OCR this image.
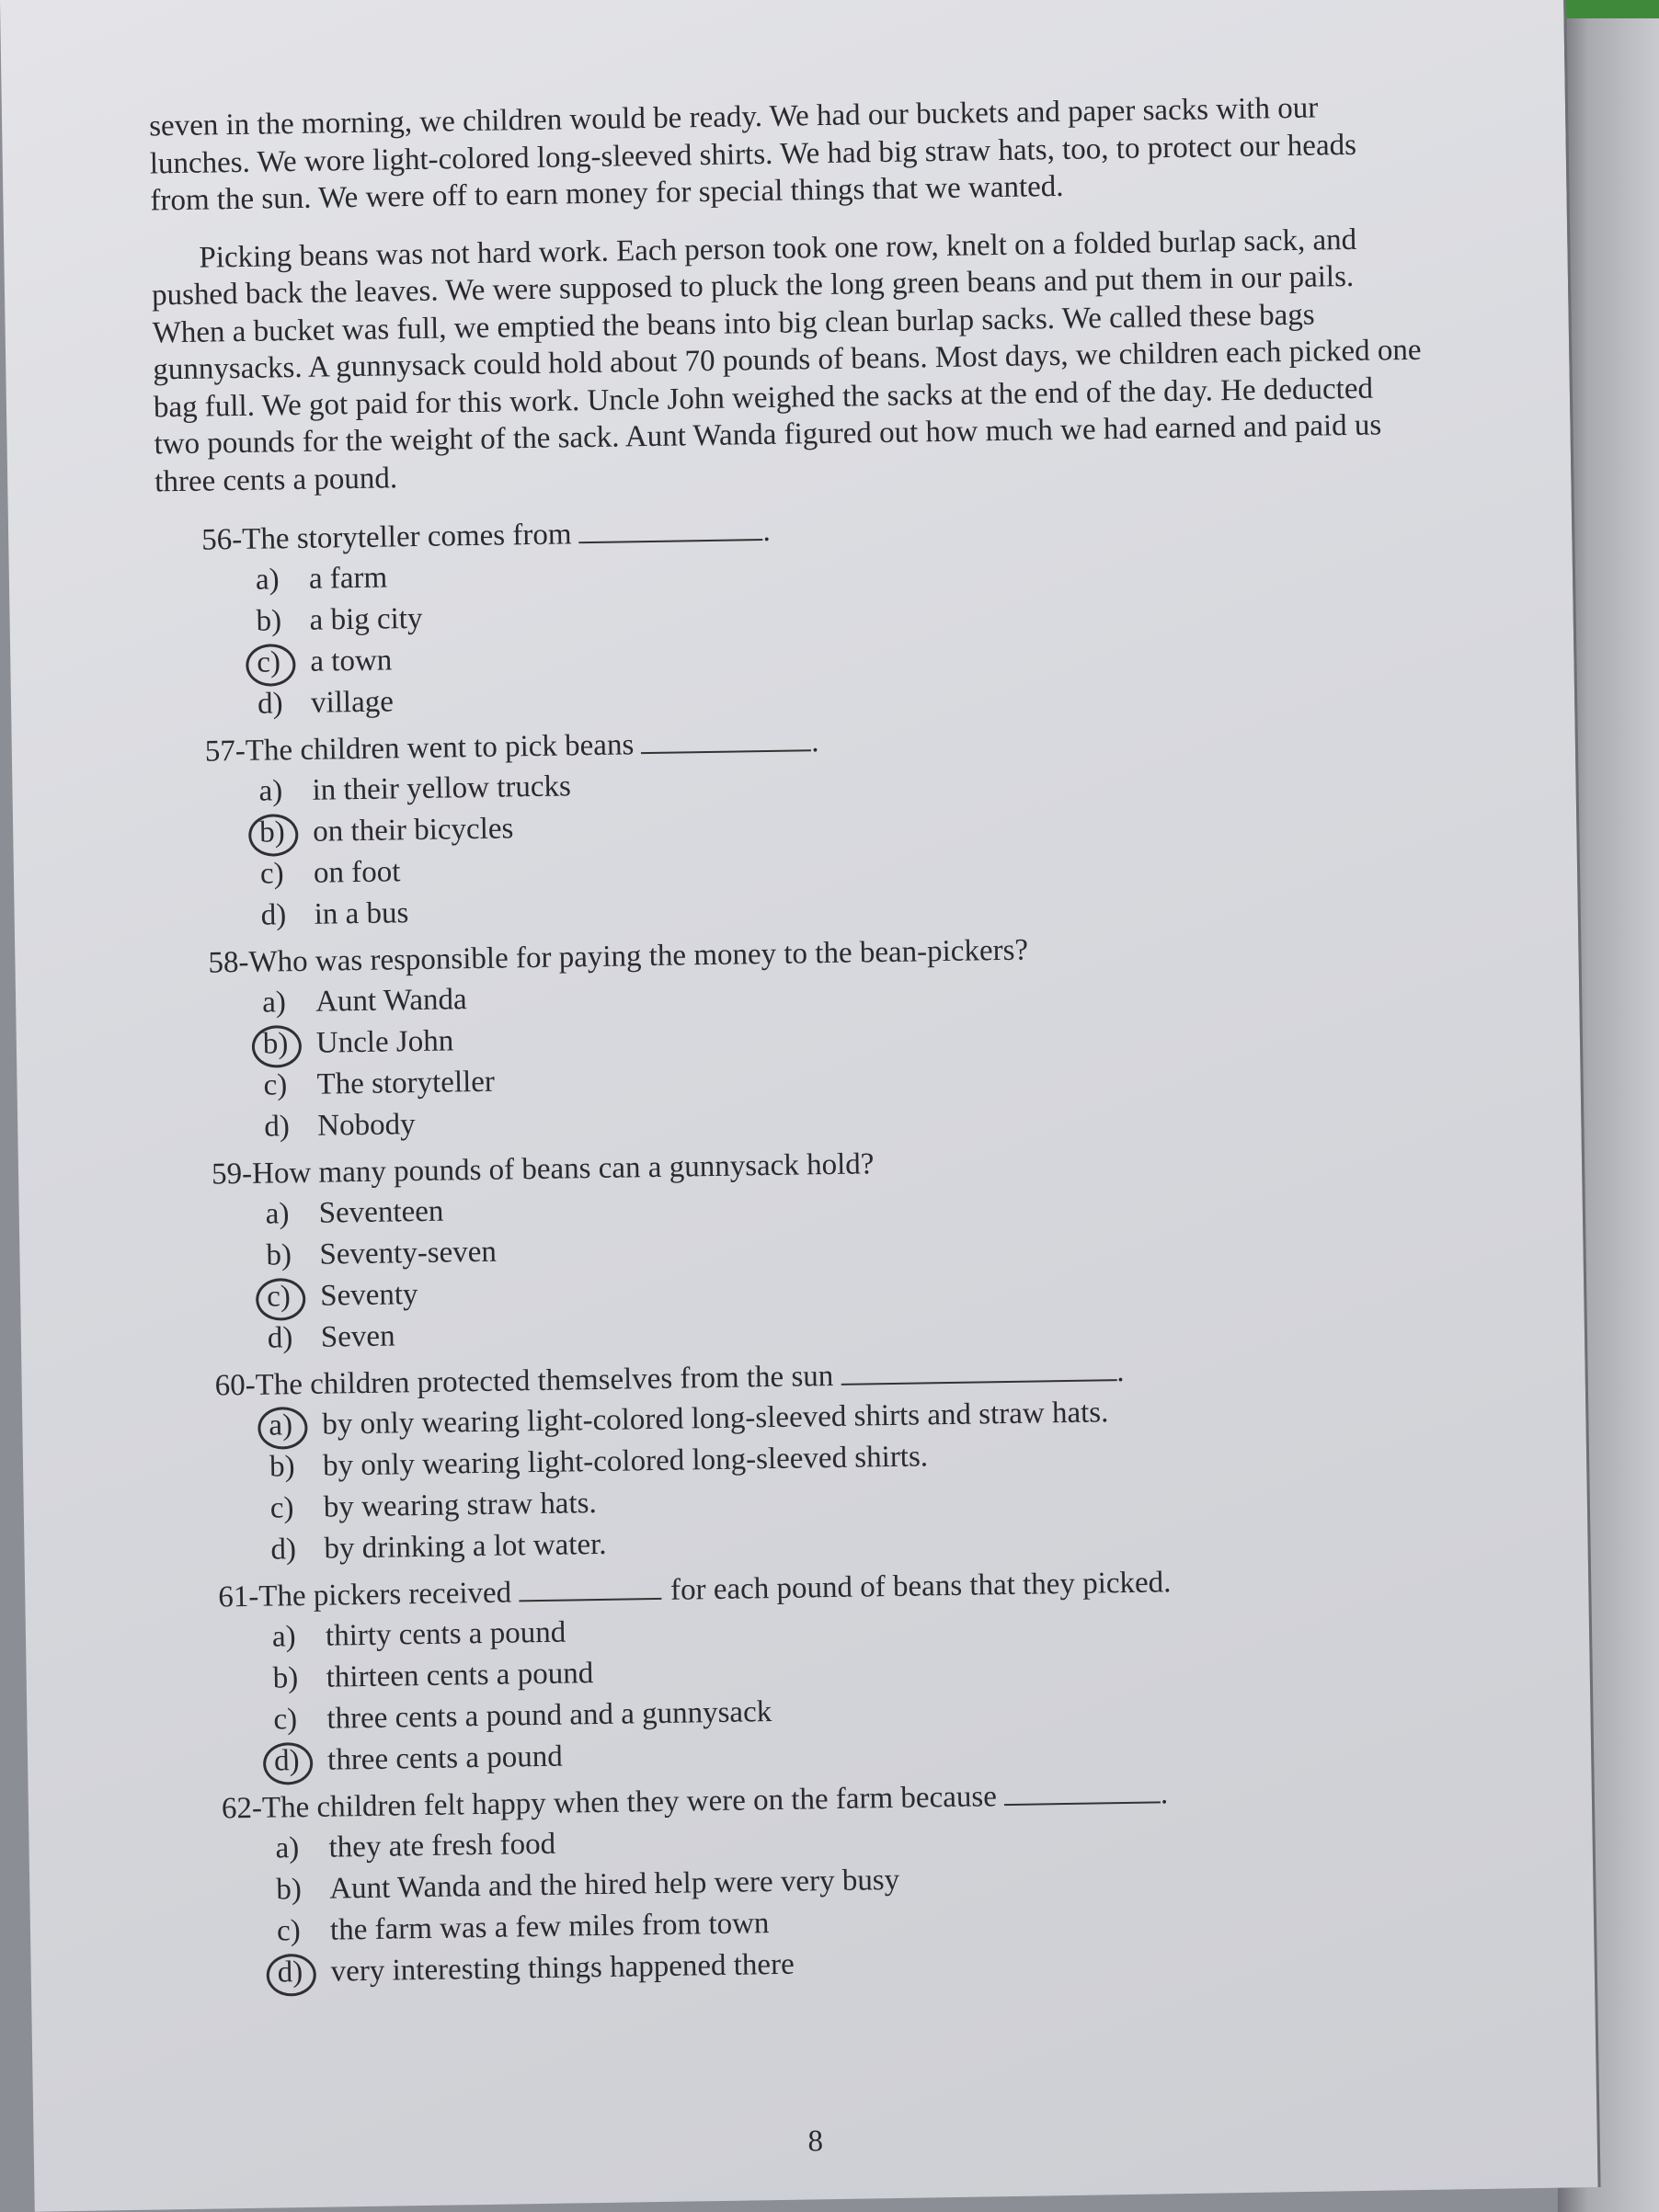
seven in the morning, we children would be ready. We had our buckets and paper sacks with our lunches. We wore light-colored long-sleeved shirts. We had big straw hats, too, to protect our heads from the sun. We were off to earn money for special things that we wanted.

Picking beans was not hard work. Each person took one row, knelt on a folded burlap sack, and pushed back the leaves. We were supposed to pluck the long green beans and put them in our pails. When a bucket was full, we emptied the beans into big clean burlap sacks. We called these bags gunnysacks. A gunnysack could hold about 70 pounds of beans. Most days, we children each picked one bag full. We got paid for this work. Uncle John weighed the sacks at the end of the day. He deducted two pounds for the weight of the sack. Aunt Wanda figured out how much we had earned and paid us three cents a pound.

56-The storyteller comes from	.
a) a farm
b) a big city
c) a town
d) village
57-The children went to pick beans	.
a) in their yellow trucks
b) on their bicycles
c) on foot
d) in a bus
58-Who was responsible for paying the money to the bean-pickers?
a) Aunt Wanda
b) Uncle John
c) The storyteller
d) Nobody
59-How many pounds of beans can a gunnysack hold?
a) Seventeen
b) Seventy-seven
c) Seventy
d) Seven
60-The children protected themselves from the sun	.
a) by only wearing light-colored long-sleeved shirts and straw hats.
b) by only wearing light-colored long-sleeved shirts.
c) by wearing straw hats.
d) by drinking a lot water.
61-The pickers received	for each pound of beans that they picked.
a) thirty cents a pound
b) thirteen cents a pound
c) three cents a pound and a gunnysack
d) three cents a pound
62-The children felt happy when they were on the farm because	.
a) they ate fresh food
b) Aunt Wanda and the hired help were very busy
c) the farm was a few miles from town
d) very interesting things happened there
8
